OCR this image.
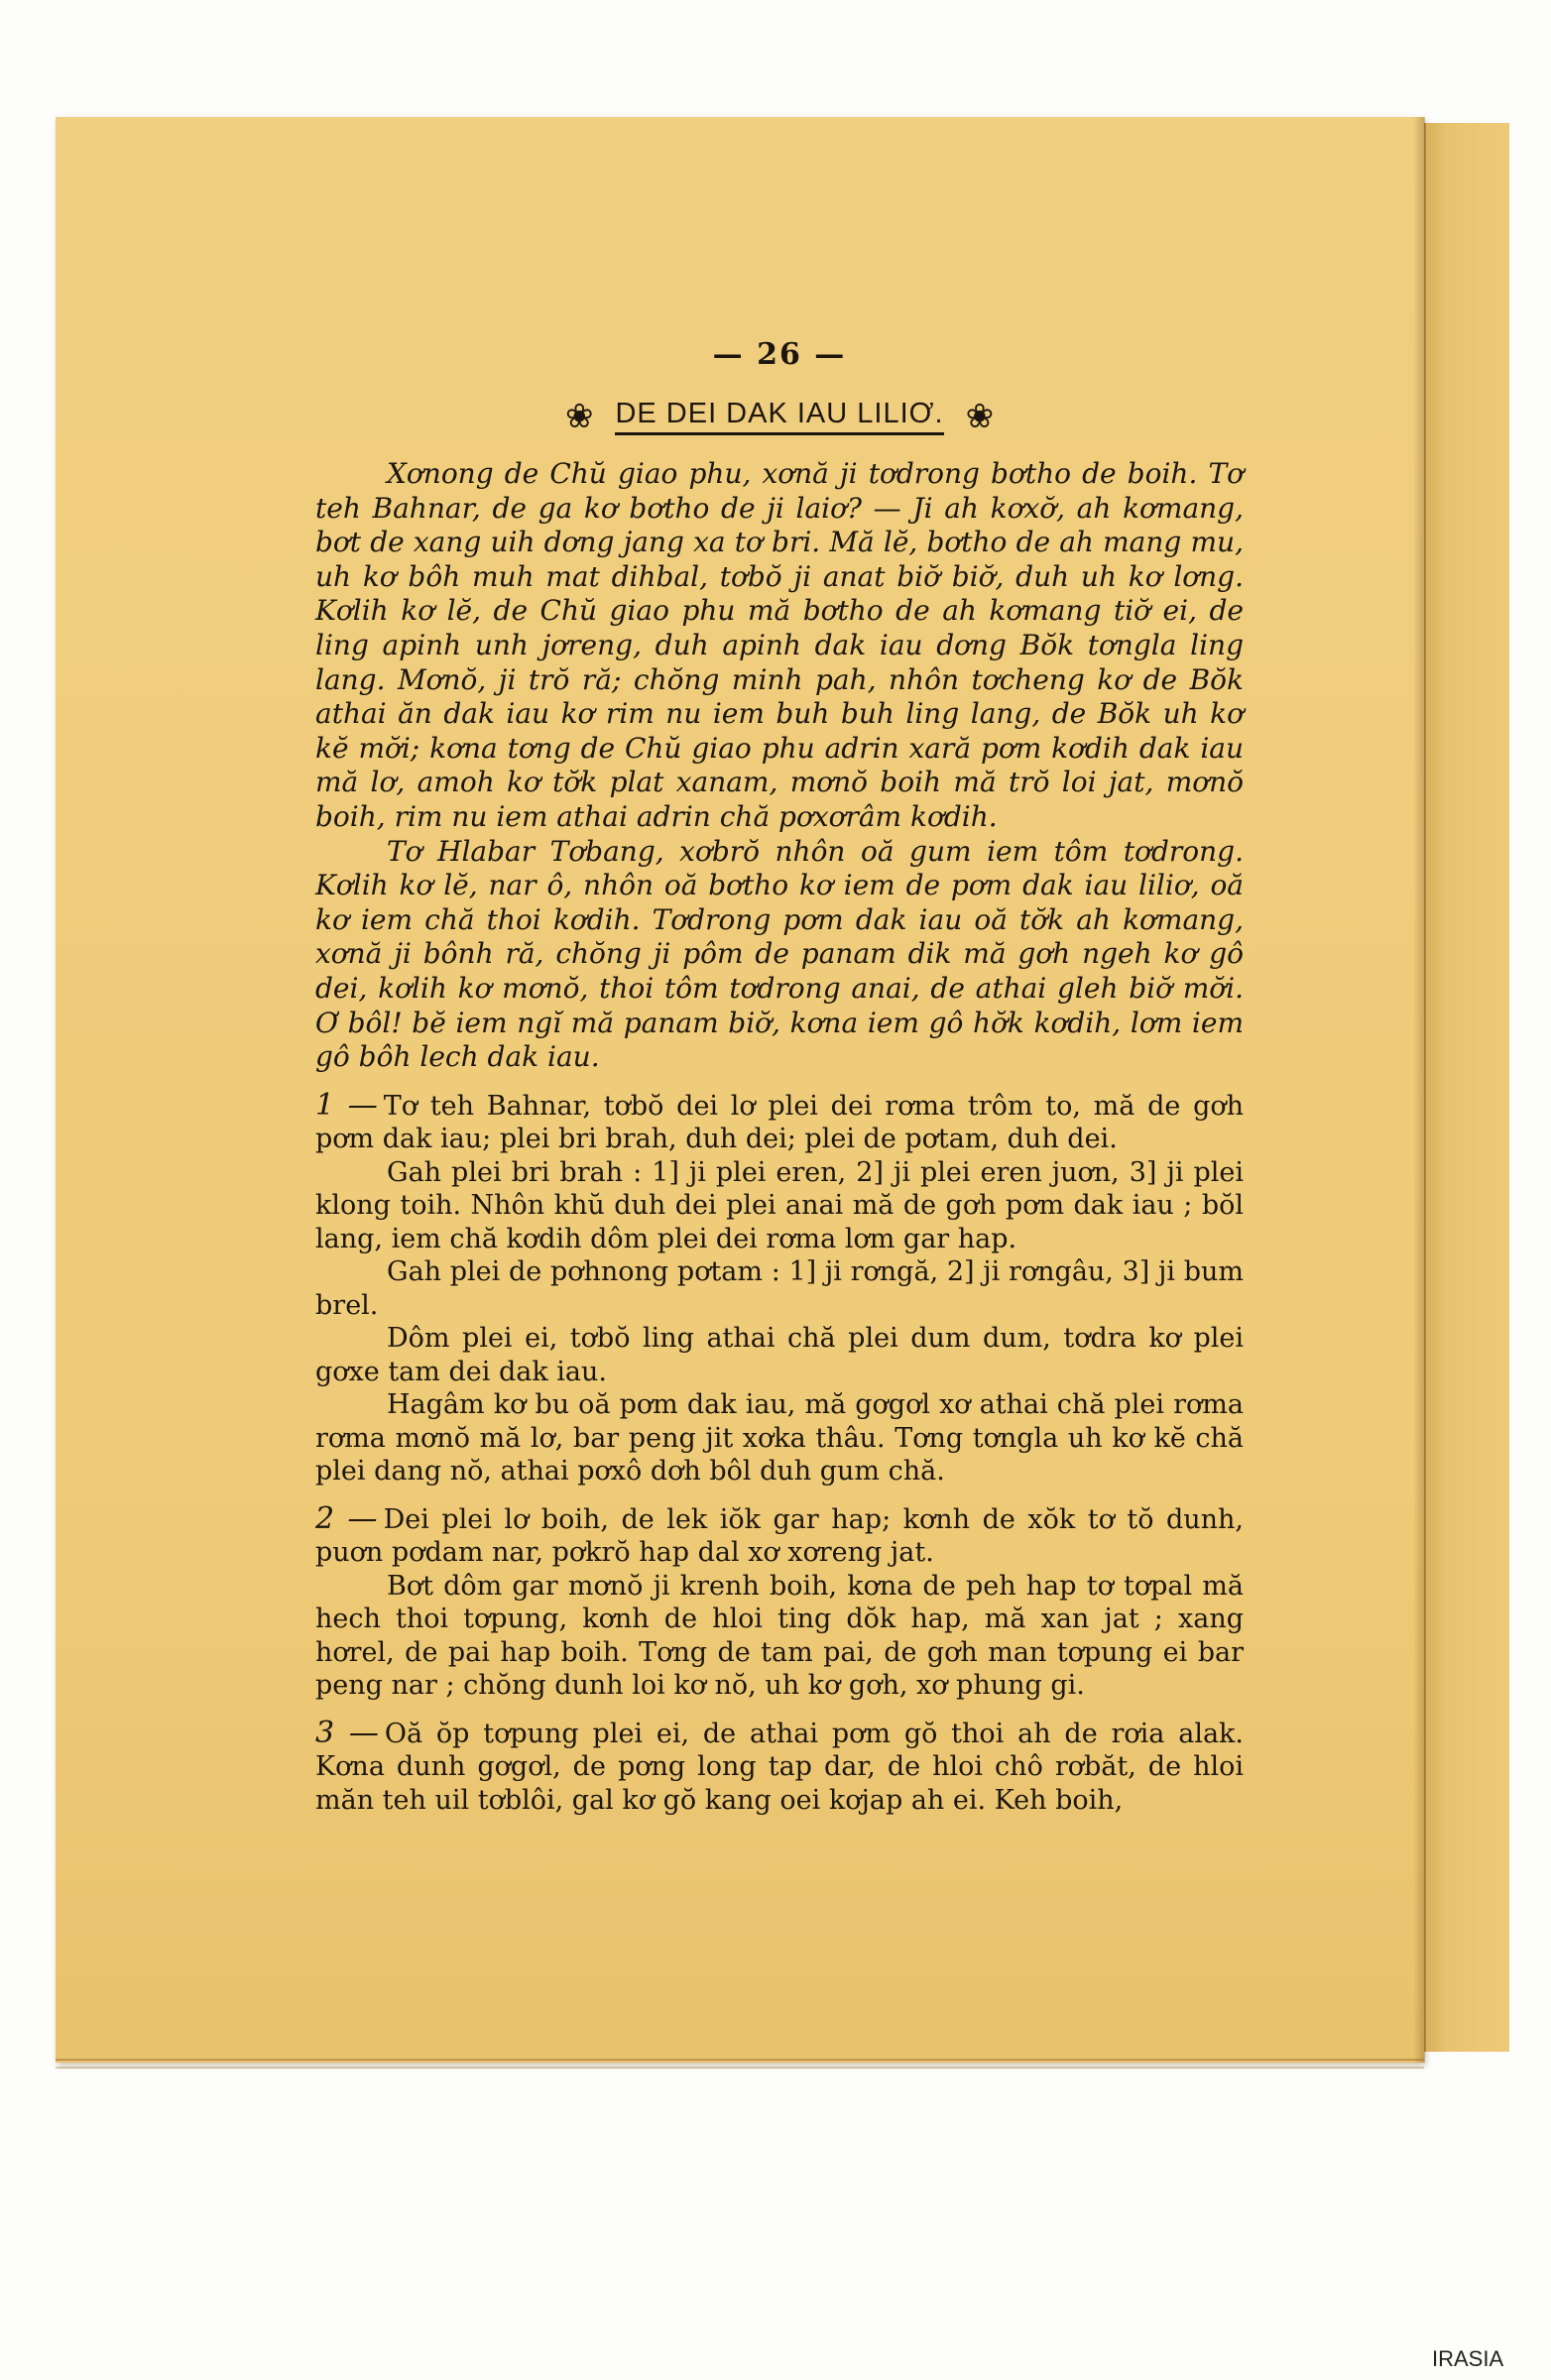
— 26 —
❀ DE DEI DAK IAU LILIƠ. ❀

Xơnong de Chŭ giao phu, xơnă ji tơdrong bơtho de boih. Tơ teh Bahnar, de ga kơ bơtho de ji laiơ? — Ji ah kơxơ̆, ah kơmang, bơt de xang uih dơng jang xa tơ bri. Mă lĕ, bơtho de ah mang mu, uh kơ bôh muh mat dihbal, tơbŏ ji anat biơ̆ biơ̆, duh uh kơ lơng. Kơlih kơ lĕ, de Chŭ giao phu mă bơtho de ah kơmang tiơ̆ ei, de ling apinh unh jơreng, duh apinh dak iau dơng Bŏk tơngla ling lang. Mơnŏ, ji trŏ ră; chŏng minh pah, nhôn tơcheng kơ de Bŏk athai ăn dak iau kơ rim nu iem buh buh ling lang, de Bŏk uh kơ kĕ mơ̆i; kơna tơng de Chŭ giao phu adrin xară pơm kơdih dak iau mă lơ, amoh kơ tơ̆k plat xanam, mơnŏ boih mă trŏ loi jat, mơnŏ boih, rim nu iem athai adrin chă pơxơrâm kơdih.

Tơ Hlabar Tơbang, xơbrŏ nhôn oă gum iem tôm tơdrong. Kơlih kơ lĕ, nar ô, nhôn oă bơtho kơ iem de pơm dak iau liliơ, oă kơ iem chă thoi kơdih. Tơdrong pơm dak iau oă tơ̆k ah kơmang, xơnă ji bônh ră, chŏng ji pôm de panam dik mă gơh ngeh kơ gô dei, kơlih kơ mơnŏ, thoi tôm tơdrong anai, de athai gleh biơ̆ mơ̆i. Ơ bôl! bĕ iem ngĭ mă panam biơ̆, kơna iem gô hơ̆k kơdih, lơm iem gô bôh lech dak iau.

1 — Tơ teh Bahnar, tơbŏ dei lơ plei dei rơma trôm to, mă de gơh pơm dak iau; plei bri brah, duh dei; plei de pơtam, duh dei.

Gah plei bri brah : 1] ji plei eren, 2] ji plei eren juơn, 3] ji plei klong toih. Nhôn khŭ duh dei plei anai mă de gơh pơm dak iau ; bŏl lang, iem chă kơdih dôm plei dei rơma lơm gar hap.

Gah plei de pơhnong pơtam : 1] ji rơngă, 2] ji rơngâu, 3] ji bum brel.

Dôm plei ei, tơbŏ ling athai chă plei dum dum, tơdra kơ plei gơxe tam dei dak iau.

Hagâm kơ bu oă pơm dak iau, mă gơgơl xơ athai chă plei rơma rơma mơnŏ mă lơ, bar peng jit xơka thâu. Tơng tơngla uh kơ kĕ chă plei dang nŏ, athai pơxô dơh bôl duh gum chă.

2 — Dei plei lơ boih, de lek iŏk gar hap; kơnh de xŏk tơ tŏ dunh, puơn pơdam nar, pơkrŏ hap dal xơ xơreng jat.

Bơt dôm gar mơnŏ ji krenh boih, kơna de peh hap tơ tơpal mă hech thoi tơpung, kơnh de hloi ting dŏk hap, mă xan jat ; xang hơrel, de pai hap boih. Tơng de tam pai, de gơh man tơpung ei bar peng nar ; chŏng dunh loi kơ nŏ, uh kơ gơh, xơ phung gi.

3 — Oă ŏp tơpung plei ei, de athai pơm gŏ thoi ah de rơia alak. Kơna dunh gơgơl, de pơng long tap dar, de hloi chô rơbăt, de hloi măn teh uil tơblôi, gal kơ gŏ kang oei kơjap ah ei. Keh boih,

IRASIA
